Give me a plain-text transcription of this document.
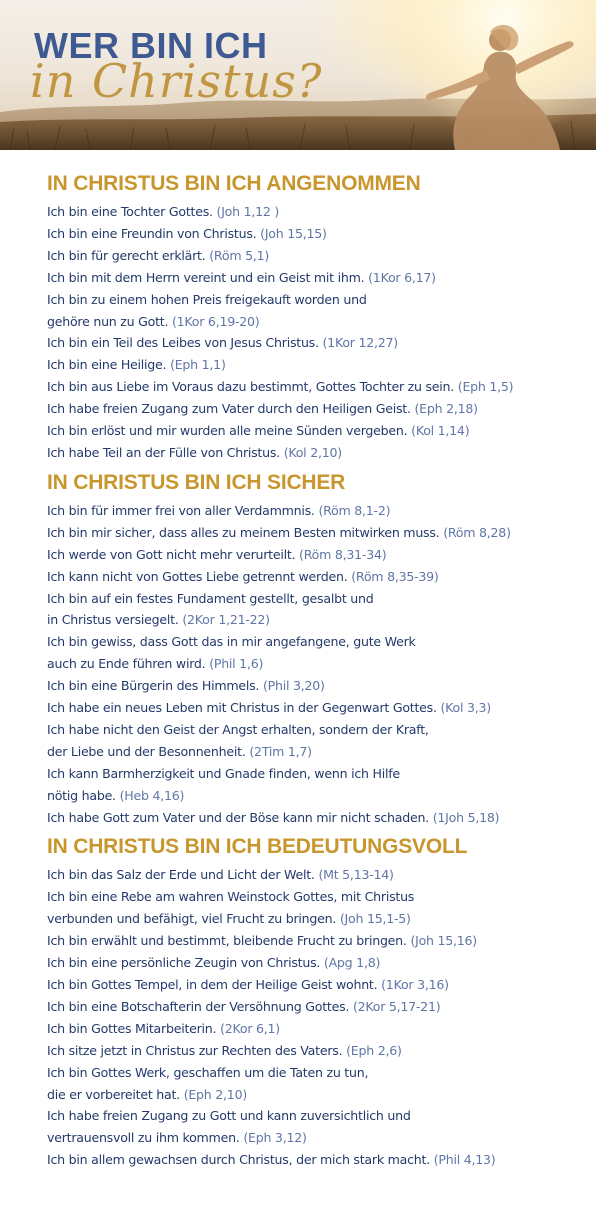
WER BIN ICH
in Christus?
IN CHRISTUS BIN ICH ANGENOMMEN
Ich bin eine Tochter Gottes. (Joh 1,12 )
Ich bin eine Freundin von Christus. (Joh 15,15)
Ich bin für gerecht erklärt. (Röm 5,1)
Ich bin mit dem Herrn vereint und ein Geist mit ihm. (1Kor 6,17)
Ich bin zu einem hohen Preis freigekauft worden und
gehöre nun zu Gott. (1Kor 6,19-20)
Ich bin ein Teil des Leibes von Jesus Christus. (1Kor 12,27)
Ich bin eine Heilige. (Eph 1,1)
Ich bin aus Liebe im Voraus dazu bestimmt, Gottes Tochter zu sein. (Eph 1,5)
Ich habe freien Zugang zum Vater durch den Heiligen Geist. (Eph 2,18)
Ich bin erlöst und mir wurden alle meine Sünden vergeben. (Kol 1,14)
Ich habe Teil an der Fülle von Christus. (Kol 2,10)
IN CHRISTUS BIN ICH SICHER
Ich bin für immer frei von aller Verdammnis. (Röm 8,1-2)
Ich bin mir sicher, dass alles zu meinem Besten mitwirken muss. (Röm 8,28)
Ich werde von Gott nicht mehr verurteilt. (Röm 8,31-34)
Ich kann nicht von Gottes Liebe getrennt werden. (Röm 8,35-39)
Ich bin auf ein festes Fundament gestellt, gesalbt und
in Christus versiegelt. (2Kor 1,21-22)
Ich bin gewiss, dass Gott das in mir angefangene, gute Werk
auch zu Ende führen wird. (Phil 1,6)
Ich bin eine Bürgerin des Himmels. (Phil 3,20)
Ich habe ein neues Leben mit Christus in der Gegenwart Gottes. (Kol 3,3)
Ich habe nicht den Geist der Angst erhalten, sondern der Kraft,
der Liebe und der Besonnenheit. (2Tim 1,7)
Ich kann Barmherzigkeit und Gnade finden, wenn ich Hilfe
nötig habe. (Heb 4,16)
Ich habe Gott zum Vater und der Böse kann mir nicht schaden. (1Joh 5,18)
IN CHRISTUS BIN ICH BEDEUTUNGSVOLL
Ich bin das Salz der Erde und Licht der Welt. (Mt 5,13-14)
Ich bin eine Rebe am wahren Weinstock Gottes, mit Christus
verbunden und befähigt, viel Frucht zu bringen. (Joh 15,1-5)
Ich bin erwählt und bestimmt, bleibende Frucht zu bringen. (Joh 15,16)
Ich bin eine persönliche Zeugin von Christus. (Apg 1,8)
Ich bin Gottes Tempel, in dem der Heilige Geist wohnt. (1Kor 3,16)
Ich bin eine Botschafterin der Versöhnung Gottes. (2Kor 5,17-21)
Ich bin Gottes Mitarbeiterin. (2Kor 6,1)
Ich sitze jetzt in Christus zur Rechten des Vaters. (Eph 2,6)
Ich bin Gottes Werk, geschaffen um die Taten zu tun,
die er vorbereitet hat. (Eph 2,10)
Ich habe freien Zugang zu Gott und kann zuversichtlich und
vertrauensvoll zu ihm kommen. (Eph 3,12)
Ich bin allem gewachsen durch Christus, der mich stark macht. (Phil 4,13)
